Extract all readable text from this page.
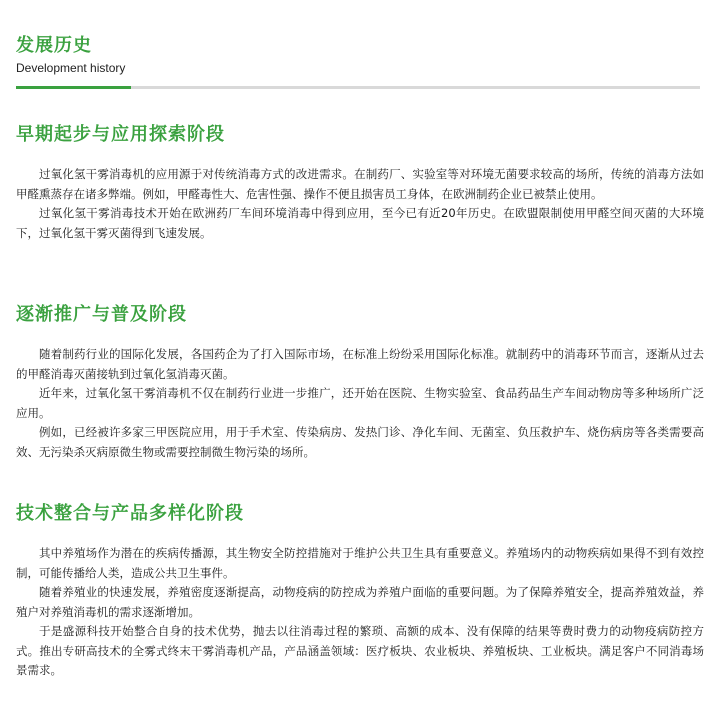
发展历史
Development history
早期起步与应用探索阶段

过氧化氢干雾消毒机的应用源于对传统消毒方式的改进需求。在制药厂、实验室等对环境无菌要求较高的场所，传统的消毒方法如甲醛熏蒸存在诸多弊端。例如，甲醛毒性大、危害性强、操作不便且损害员工身体，在欧洲制药企业已被禁止使用。

过氧化氢干雾消毒技术开始在欧洲药厂车间环境消毒中得到应用，至今已有近20年历史。在欧盟限制使用甲醛空间灭菌的大环境下，过氧化氢干雾灭菌得到飞速发展。

逐渐推广与普及阶段

随着制药行业的国际化发展，各国药企为了打入国际市场，在标准上纷纷采用国际化标准。就制药中的消毒环节而言，逐渐从过去的甲醛消毒灭菌接轨到过氧化氢消毒灭菌。

近年来，过氧化氢干雾消毒机不仅在制药行业进一步推广，还开始在医院、生物实验室、食品药品生产车间动物房等多种场所广泛应用。

例如，已经被许多家三甲医院应用，用于手术室、传染病房、发热门诊、净化车间、无菌室、负压救护车、烧伤病房等各类需要高效、无污染杀灭病原微生物或需要控制微生物污染的场所。

技术整合与产品多样化阶段

其中养殖场作为潜在的疾病传播源，其生物安全防控措施对于维护公共卫生具有重要意义。养殖场内的动物疾病如果得不到有效控制，可能传播给人类，造成公共卫生事件。

随着养殖业的快速发展，养殖密度逐渐提高，动物疫病的防控成为养殖户面临的重要问题。为了保障养殖安全，提高养殖效益，养殖户对养殖消毒机的需求逐渐增加。

于是盛源科技开始整合自身的技术优势，抛去以往消毒过程的繁琐、高额的成本、没有保障的结果等费时费力的动物疫病防控方式。推出专研高技术的全雾式终末干雾消毒机产品，产品涵盖领域：医疗板块、农业板块、养殖板块、工业板块。满足客户不同消毒场景需求。
